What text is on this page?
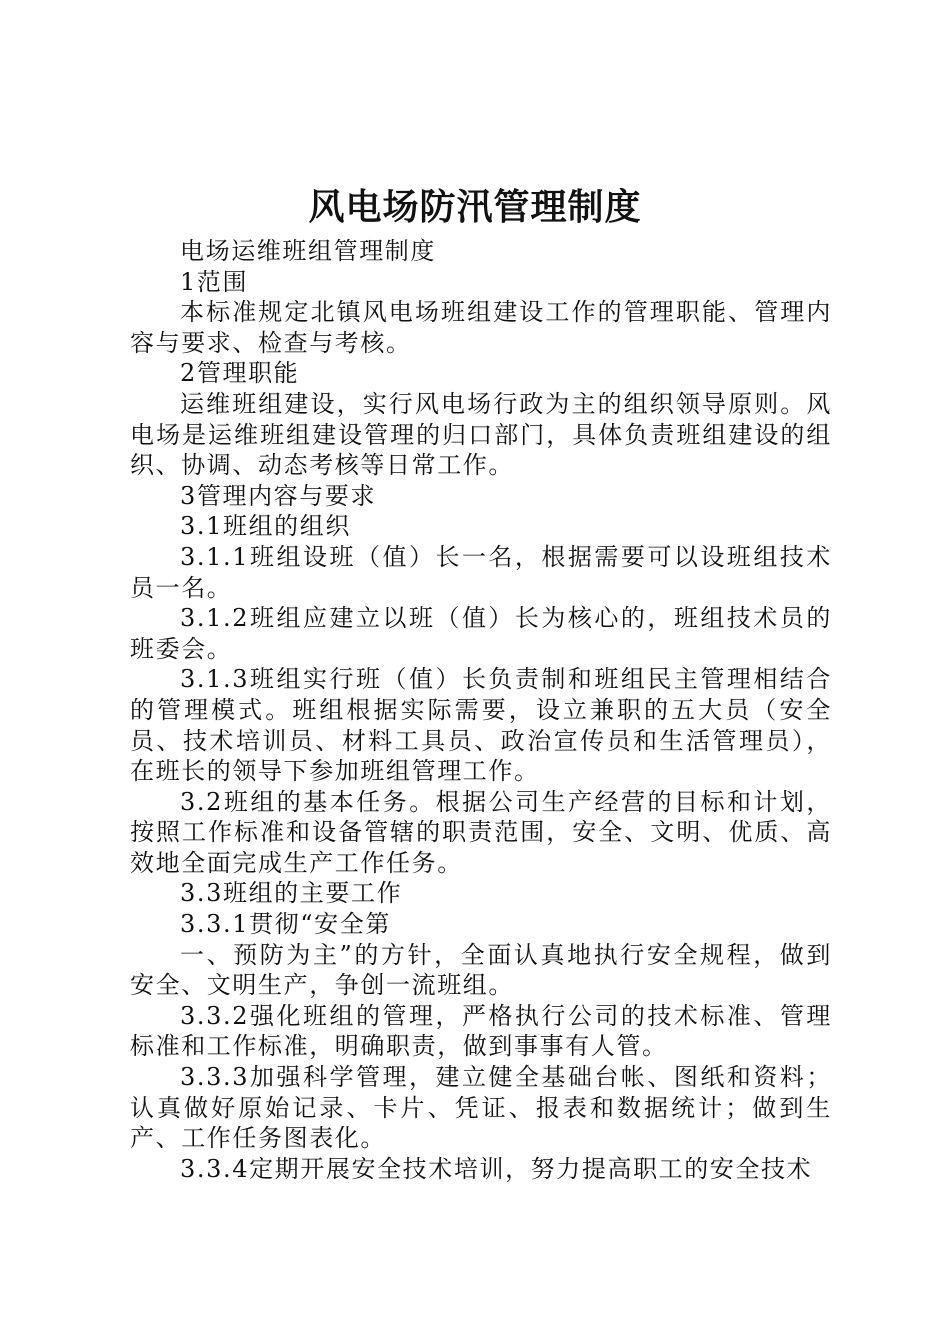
风电场防汛管理制度

电场运维班组管理制度

1范围

本标准规定北镇风电场班组建设工作的管理职能、管理内容与要求、检查与考核。

2管理职能

运维班组建设，实行风电场行政为主的组织领导原则。风电场是运维班组建设管理的归口部门，具体负责班组建设的组织、协调、动态考核等日常工作。

3管理内容与要求

3.1班组的组织

3.1.1班组设班（值）长一名，根据需要可以设班组技术员一名。

3.1.2班组应建立以班（值）长为核心的，班组技术员的班委会。

3.1.3班组实行班（值）长负责制和班组民主管理相结合的管理模式。班组根据实际需要，设立兼职的五大员（安全员、技术培训员、材料工具员、政治宣传员和生活管理员），在班长的领导下参加班组管理工作。

3.2班组的基本任务。根据公司生产经营的目标和计划，按照工作标准和设备管辖的职责范围，安全、文明、优质、高效地全面完成生产工作任务。

3.3班组的主要工作

3.3.1贯彻“安全第

一、预防为主”的方针，全面认真地执行安全规程，做到安全、文明生产，争创一流班组。

3.3.2强化班组的管理，严格执行公司的技术标准、管理标准和工作标准，明确职责，做到事事有人管。

3.3.3加强科学管理，建立健全基础台帐、图纸和资料；认真做好原始记录、卡片、凭证、报表和数据统计；做到生产、工作任务图表化。

3.3.4定期开展安全技术培训，努力提高职工的安全技术
